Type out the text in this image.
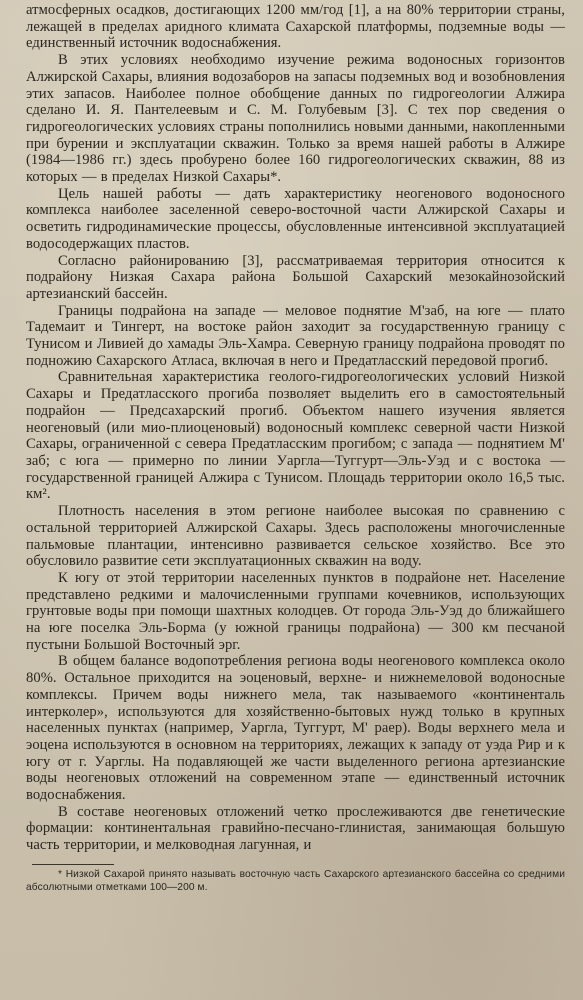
атмосферных осадков, достигающих 1200 мм/год [1], а на 80% территории страны, лежащей в пределах аридного климата Сахарской платформы, подземные воды — единственный источник водоснабжения.

В этих условиях необходимо изучение режима водоносных горизонтов Алжирской Сахары, влияния водозаборов на запасы подземных вод и возобновления этих запасов. Наиболее полное обобщение данных по гидрогеологии Алжира сделано И. Я. Пантелеевым и С. М. Голубевым [3]. С тех пор сведения о гидрогеологических условиях страны пополнились новыми данными, накопленными при бурении и эксплуатации скважин. Только за время нашей работы в Алжире (1984—1986 гг.) здесь пробурено более 160 гидрогеологических скважин, 88 из которых — в пределах Низкой Сахары*.

Цель нашей работы — дать характеристику неогенового водоносного комплекса наиболее заселенной северо-восточной части Алжирской Сахары и осветить гидродинамические процессы, обусловленные интенсивной эксплуатацией водосодержащих пластов.

Согласно районированию [3], рассматриваемая территория относится к подрайону Низкая Сахара района Большой Сахарский мезокайнозойский артезианский бассейн.

Границы подрайона на западе — меловое поднятие М'заб, на юге — плато Тадемаит и Тингерт, на востоке район заходит за государственную границу с Тунисом и Ливией до хамады Эль-Хамра. Северную границу подрайона проводят по подножию Сахарского Атласа, включая в него и Предатласский передовой прогиб.

Сравнительная характеристика геолого-гидрогеологических условий Низкой Сахары и Предатласского прогиба позволяет выделить его в самостоятельный подрайон — Предсахарский прогиб. Объектом нашего изучения является неогеновый (или мио-плиоценовый) водоносный комплекс северной части Низкой Сахары, ограниченной с севера Предатласским прогибом; с запада — поднятием М' заб; с юга — примерно по линии Уаргла—Туггурт—Эль-Уэд и с востока — государственной границей Алжира с Тунисом. Площадь территории около 16,5 тыс. км².

Плотность населения в этом регионе наиболее высокая по сравнению с остальной территорией Алжирской Сахары. Здесь расположены многочисленные пальмовые плантации, интенсивно развивается сельское хозяйство. Все это обусловило развитие сети эксплуатационных скважин на воду.

К югу от этой территории населенных пунктов в подрайоне нет. Население представлено редкими и малочисленными группами кочевников, использующих грунтовые воды при помощи шахтных колодцев. От города Эль-Уэд до ближайшего на юге поселка Эль-Борма (у южной границы подрайона) — 300 км песчаной пустыни Большой Восточный эрг.

В общем балансе водопотребления региона воды неогенового комплекса около 80%. Остальное приходится на эоценовый, верхне- и нижнемеловой водоносные комплексы. Причем воды нижнего мела, так называемого «континенталь интерколер», используются для хозяйственно-бытовых нужд только в крупных населенных пунктах (например, Уаргла, Туггурт, М' раер). Воды верхнего мела и эоцена используются в основном на территориях, лежащих к западу от уэда Рир и к югу от г. Уарглы. На подавляющей же части выделенного региона артезианские воды неогеновых отложений на современном этапе — единственный источник водоснабжения.

В составе неогеновых отложений четко прослеживаются две генетические формации: континентальная гравийно-песчано-глинистая, занимающая большую часть территории, и мелководная лагунная, и

* Низкой Сахарой принято называть восточную часть Сахарского артезианского бассейна со средними абсолютными отметками 100—200 м.
